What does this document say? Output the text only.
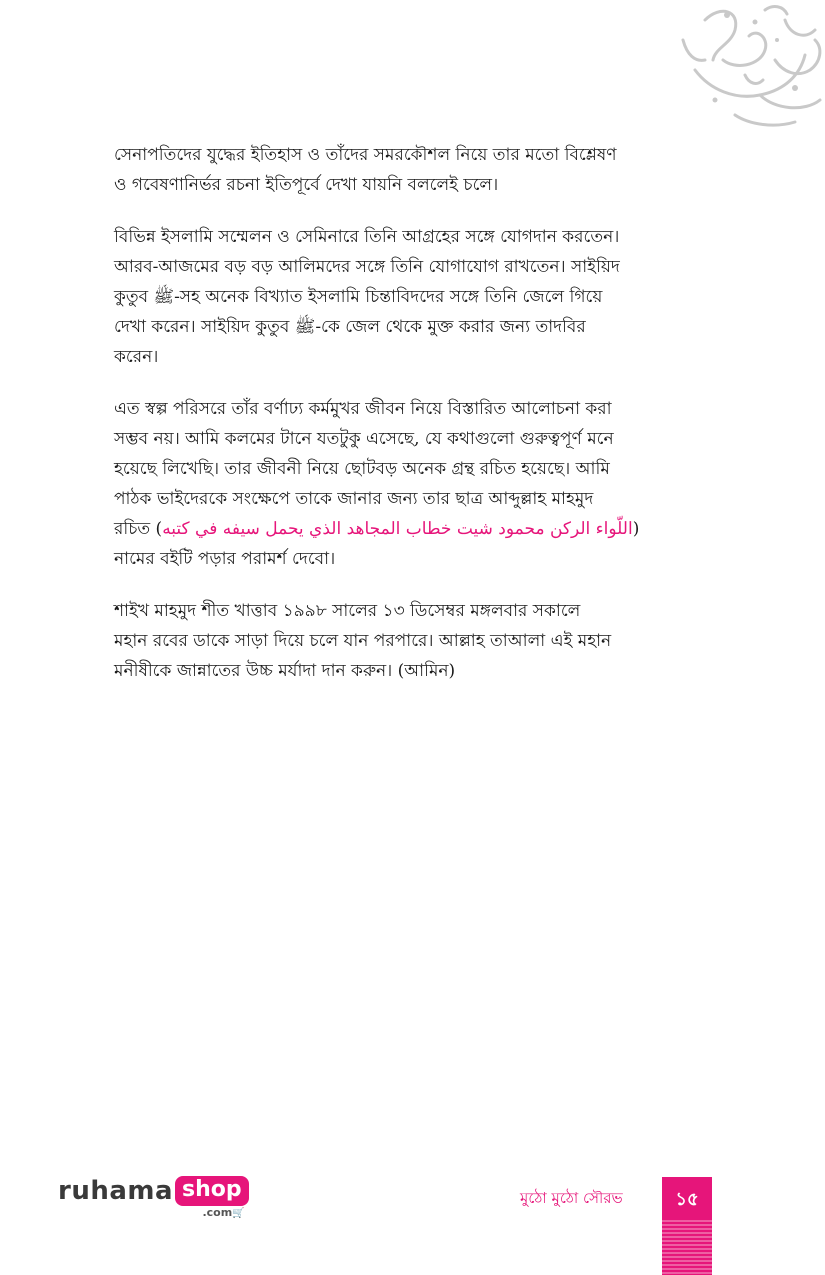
সেনাপতিদের যুদ্ধের ইতিহাস ও তাঁদের সমরকৌশল নিয়ে তার মতো বিশ্লেষণ
ও গবেষণানির্ভর রচনা ইতিপূর্বে দেখা যায়নি বললেই চলে।

বিভিন্ন ইসলামি সম্মেলন ও সেমিনারে তিনি আগ্রহের সঙ্গে যোগদান করতেন।
আরব-আজমের বড় বড় আলিমদের সঙ্গে তিনি যোগাযোগ রাখতেন। সাইয়িদ
কুতুব ﷺ-সহ অনেক বিখ্যাত ইসলামি চিন্তাবিদদের সঙ্গে তিনি জেলে গিয়ে
দেখা করেন। সাইয়িদ কুতুব ﷺ-কে জেল থেকে মুক্ত করার জন্য তাদবির
করেন।

এত স্বল্প পরিসরে তাঁর বর্ণাঢ্য কর্মমুখর জীবন নিয়ে বিস্তারিত আলোচনা করা
সম্ভব নয়। আমি কলমের টানে যতটুকু এসেছে, যে কথাগুলো গুরুত্বপূর্ণ মনে
হয়েছে লিখেছি। তার জীবনী নিয়ে ছোটবড় অনেক গ্রন্থ রচিত হয়েছে। আমি
পাঠক ভাইদেরকে সংক্ষেপে তাকে জানার জন্য তার ছাত্র আব্দুল্লাহ মাহমুদ
রচিত (اللّواء الركن محمود شيت خطاب المجاهد الذي يحمل سيفه في كتبه)
নামের বইটি পড়ার পরামর্শ দেবো।

শাইখ মাহমুদ শীত খাত্তাব ১৯৯৮ সালের ১৩ ডিসেম্বর মঙ্গলবার সকালে
মহান রবের ডাকে সাড়া দিয়ে চলে যান পরপারে। আল্লাহ তাআলা এই মহান
মনীষীকে জান্নাতের উচ্চ মর্যাদা দান করুন। (আমিন)

ruhama shop
.com🛒
মুঠো মুঠো সৌরভ	১৫
